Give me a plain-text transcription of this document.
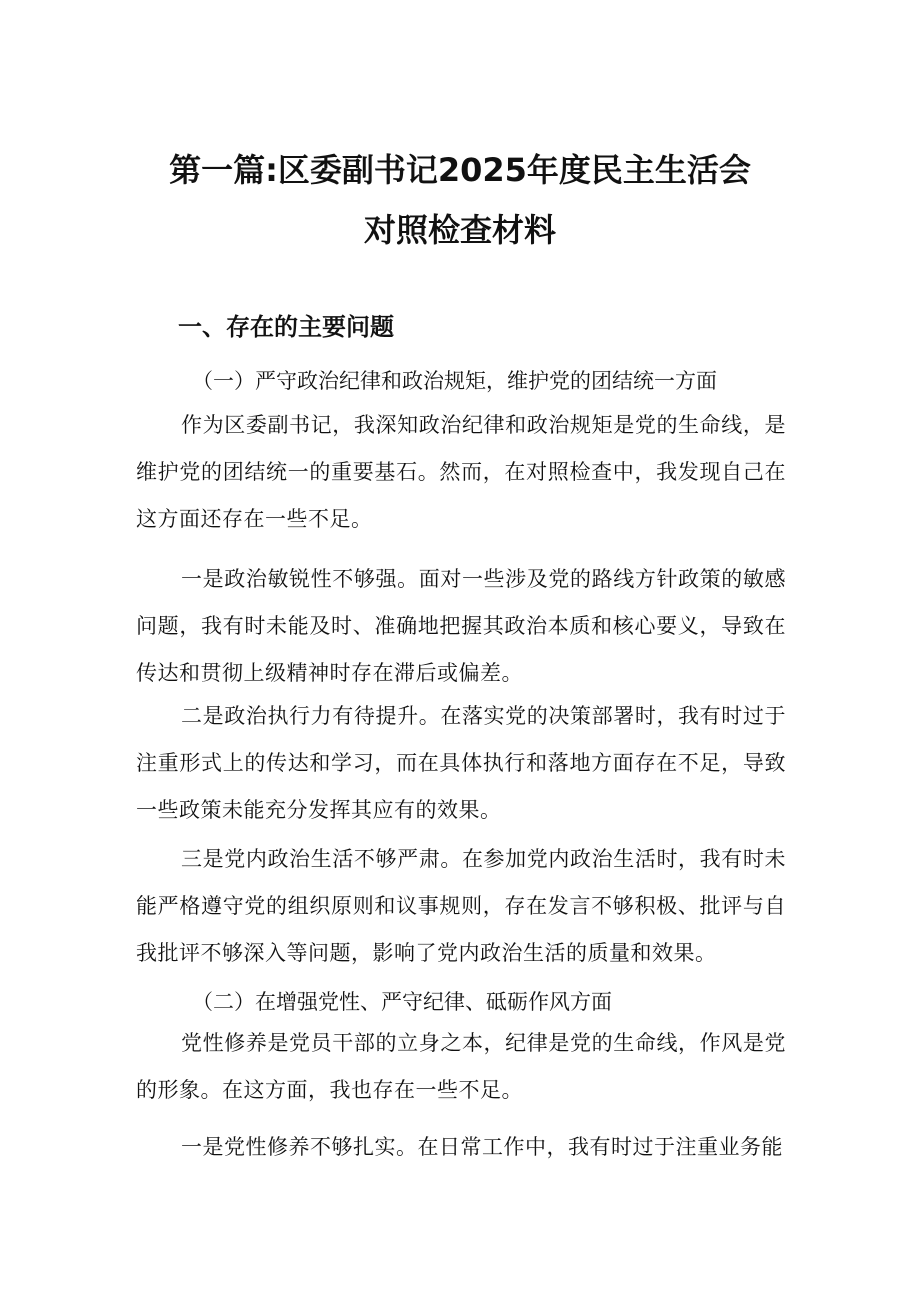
第一篇:区委副书记2025年度民主生活会
对照检查材料
一、存在的主要问题
（一）严守政治纪律和政治规矩，维护党的团结统一方面

作为区委副书记，我深知政治纪律和政治规矩是党的生命线，是维护党的团结统一的重要基石。然而，在对照检查中，我发现自己在这方面还存在一些不足。

一是政治敏锐性不够强。面对一些涉及党的路线方针政策的敏感问题，我有时未能及时、准确地把握其政治本质和核心要义，导致在传达和贯彻上级精神时存在滞后或偏差。

二是政治执行力有待提升。在落实党的决策部署时，我有时过于注重形式上的传达和学习，而在具体执行和落地方面存在不足，导致一些政策未能充分发挥其应有的效果。

三是党内政治生活不够严肃。在参加党内政治生活时，我有时未能严格遵守党的组织原则和议事规则，存在发言不够积极、批评与自我批评不够深入等问题，影响了党内政治生活的质量和效果。

（二）在增强党性、严守纪律、砥砺作风方面

党性修养是党员干部的立身之本，纪律是党的生命线，作风是党的形象。在这方面，我也存在一些不足。

一是党性修养不够扎实。在日常工作中，我有时过于注重业务能
